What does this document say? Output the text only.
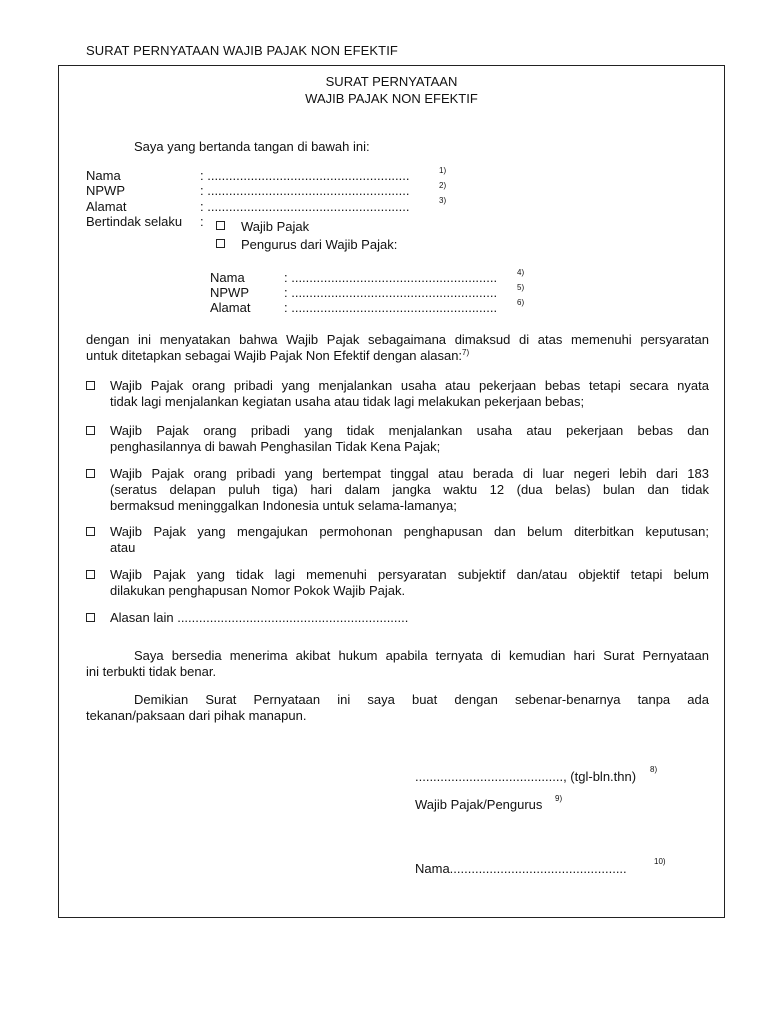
SURAT PERNYATAAN WAJIB PAJAK NON EFEKTIF
SURAT PERNYATAAN
WAJIB PAJAK NON EFEKTIF
Saya yang bertanda tangan di bawah ini:
Nama	: ........................................................	1)
NPWP	: ........................................................	2)
Alamat	: ........................................................	3)
Bertindak selaku :	Wajib Pajak
Pengurus dari Wajib Pajak:
Nama	: ......................................................... 4)
NPWP	: ......................................................... 5)
Alamat	: ......................................................... 6)
dengan ini menyatakan bahwa Wajib Pajak sebagaimana dimaksud di atas memenuhi persyaratan
untuk ditetapkan sebagai Wajib Pajak Non Efektif dengan alasan:$^{7)}$
Wajib Pajak orang pribadi yang menjalankan usaha atau pekerjaan bebas tetapi secara nyata
tidak lagi menjalankan kegiatan usaha atau tidak lagi melakukan pekerjaan bebas;
Wajib Pajak orang pribadi yang tidak menjalankan usaha atau pekerjaan bebas dan
penghasilannya di bawah Penghasilan Tidak Kena Pajak;
Wajib Pajak orang pribadi yang bertempat tinggal atau berada di luar negeri lebih dari 183
(seratus delapan puluh tiga) hari dalam jangka waktu 12 (dua belas) bulan dan tidak
bermaksud meninggalkan Indonesia untuk selama-lamanya;
Wajib Pajak yang mengajukan permohonan penghapusan dan belum diterbitkan keputusan;
atau
Wajib Pajak yang tidak lagi memenuhi persyaratan subjektif dan/atau objektif tetapi belum
dilakukan penghapusan Nomor Pokok Wajib Pajak.
Alasan lain ................................................................
Saya bersedia menerima akibat hukum apabila ternyata di kemudian hari Surat Pernyataan
ini terbukti tidak benar.
Demikian Surat Pernyataan ini saya buat dengan sebenar-benarnya tanpa ada
tekanan/paksaan dari pihak manapun.
........................................., (tgl-bln.thn) 8)
Wajib Pajak/Pengurus 9)
Nama.................................................	10)
